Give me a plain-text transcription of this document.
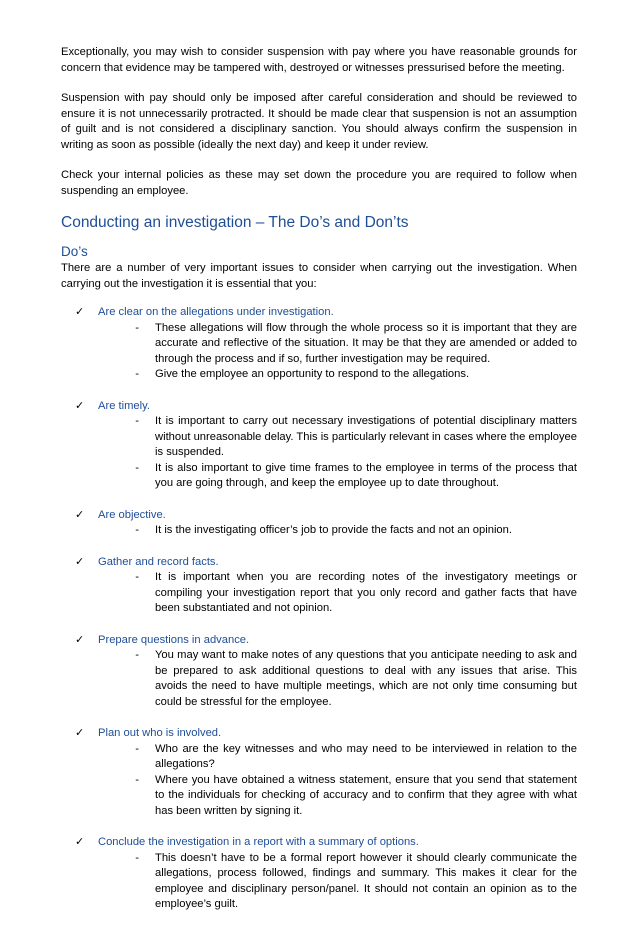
Exceptionally, you may wish to consider suspension with pay where you have reasonable grounds for concern that evidence may be tampered with, destroyed or witnesses pressurised before the meeting.

Suspension with pay should only be imposed after careful consideration and should be reviewed to ensure it is not unnecessarily protracted. It should be made clear that suspension is not an assumption of guilt and is not considered a disciplinary sanction. You should always confirm the suspension in writing as soon as possible (ideally the next day) and keep it under review.

Check your internal policies as these may set down the procedure you are required to follow when suspending an employee.

Conducting an investigation – The Do’s and Don’ts
Do’s

There are a number of very important issues to consider when carrying out the investigation. When carrying out the investigation it is essential that you:

✓	Are clear on the allegations under investigation.
-	These allegations will flow through the whole process so it is important that they are accurate and reflective of the situation. It may be that they are amended or added to through the process and if so, further investigation may be required.
-	Give the employee an opportunity to respond to the allegations.
✓	Are timely.
-	It is important to carry out necessary investigations of potential disciplinary matters without unreasonable delay. This is particularly relevant in cases where the employee is suspended.
-	It is also important to give time frames to the employee in terms of the process that you are going through, and keep the employee up to date throughout.
✓	Are objective.
-	It is the investigating officer’s job to provide the facts and not an opinion.
✓	Gather and record facts.
-	It is important when you are recording notes of the investigatory meetings or compiling your investigation report that you only record and gather facts that have been substantiated and not opinion.
✓	Prepare questions in advance.
-	You may want to make notes of any questions that you anticipate needing to ask and be prepared to ask additional questions to deal with any issues that arise. This avoids the need to have multiple meetings, which are not only time consuming but could be stressful for the employee.
✓	Plan out who is involved.
-	Who are the key witnesses and who may need to be interviewed in relation to the allegations?
-	Where you have obtained a witness statement, ensure that you send that statement to the individuals for checking of accuracy and to confirm that they agree with what has been written by signing it.
✓	Conclude the investigation in a report with a summary of options.
-	This doesn’t have to be a formal report however it should clearly communicate the allegations, process followed, findings and summary. This makes it clear for the employee and disciplinary person/panel. It should not contain an opinion as to the employee’s guilt.
